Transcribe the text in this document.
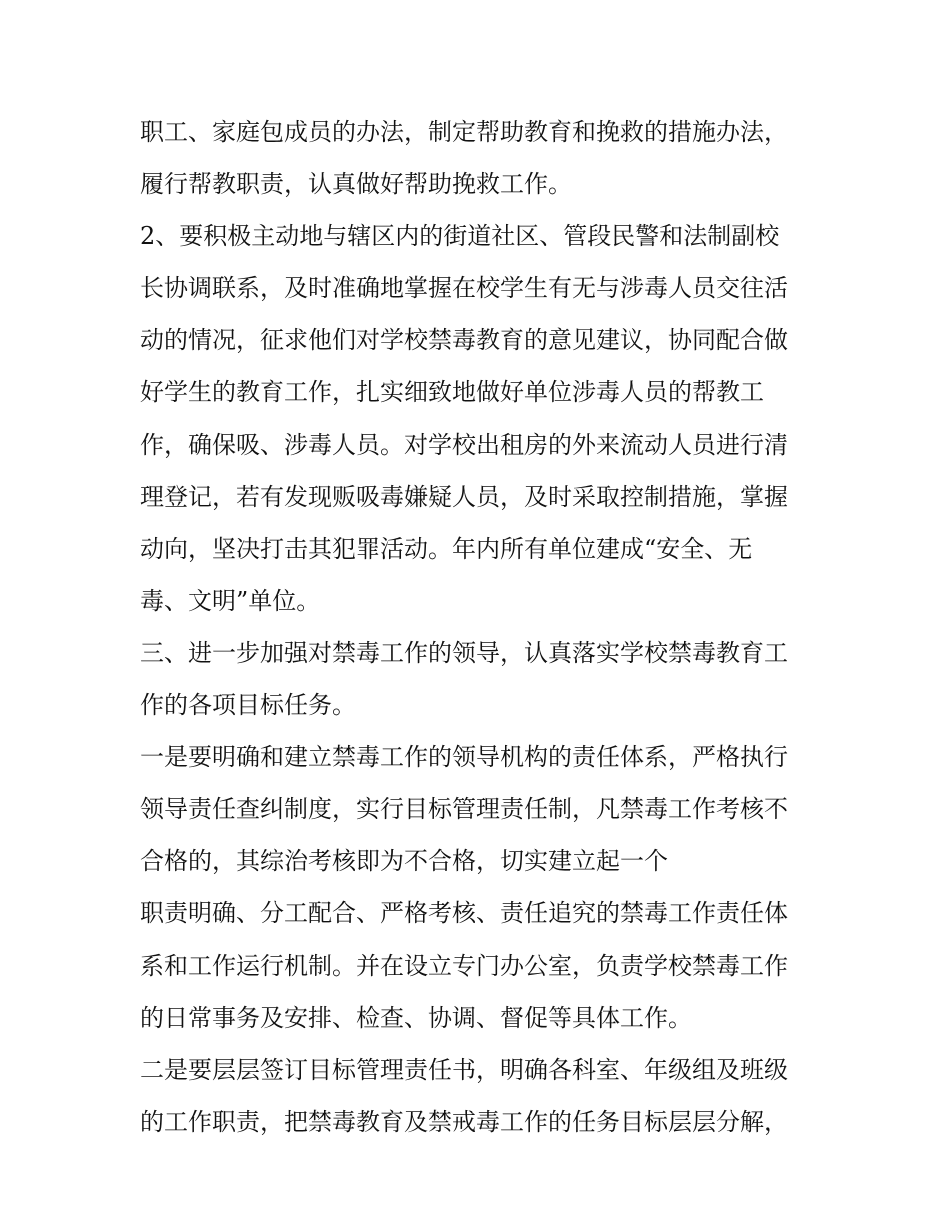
职工、家庭包成员的办法，制定帮助教育和挽救的措施办法，
履行帮教职责，认真做好帮助挽救工作。
2、要积极主动地与辖区内的街道社区、管段民警和法制副校
长协调联系，及时准确地掌握在校学生有无与涉毒人员交往活
动的情况，征求他们对学校禁毒教育的意见建议，协同配合做
好学生的教育工作，扎实细致地做好单位涉毒人员的帮教工
作，确保吸、涉毒人员。对学校出租房的外来流动人员进行清
理登记，若有发现贩吸毒嫌疑人员，及时采取控制措施，掌握
动向，坚决打击其犯罪活动。年内所有单位建成“安全、无
毒、文明”单位。
三、进一步加强对禁毒工作的领导，认真落实学校禁毒教育工
作的各项目标任务。
一是要明确和建立禁毒工作的领导机构的责任体系，严格执行
领导责任查纠制度，实行目标管理责任制，凡禁毒工作考核不
合格的，其综治考核即为不合格，切实建立起一个
职责明确、分工配合、严格考核、责任追究的禁毒工作责任体
系和工作运行机制。并在设立专门办公室，负责学校禁毒工作
的日常事务及安排、检查、协调、督促等具体工作。
二是要层层签订目标管理责任书，明确各科室、年级组及班级
的工作职责，把禁毒教育及禁戒毒工作的任务目标层层分解，
